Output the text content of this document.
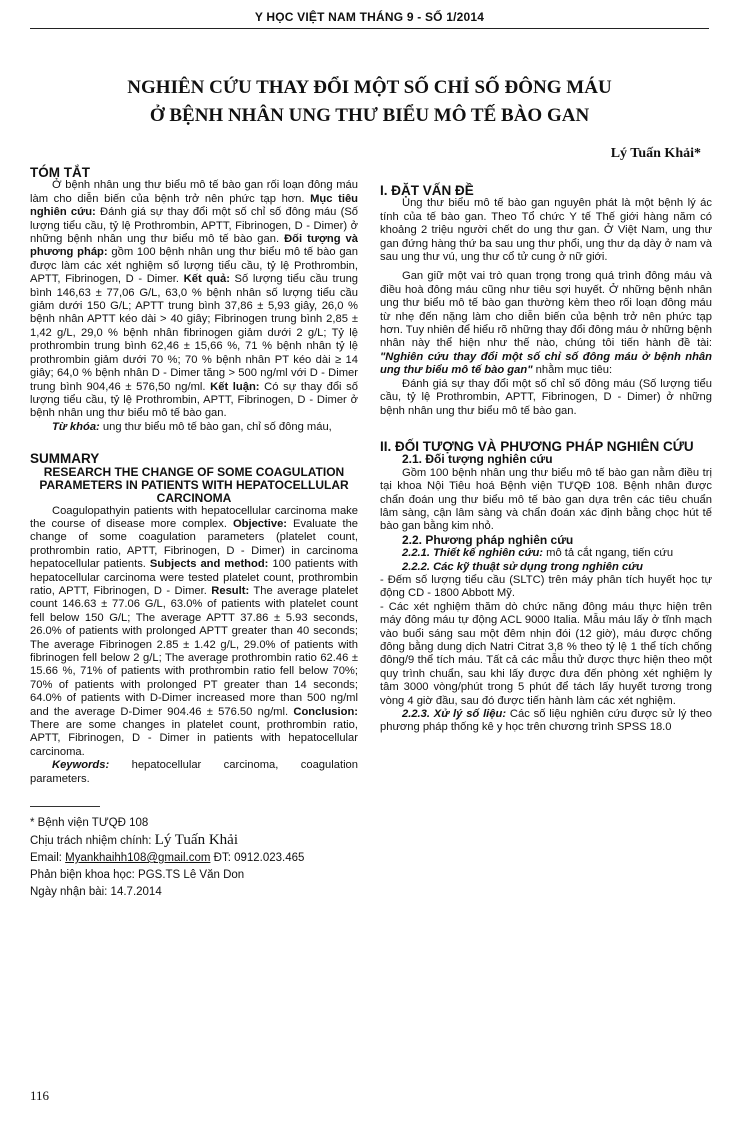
Y HỌC VIỆT NAM THÁNG 9 - SỐ 1/2014
NGHIÊN CỨU THAY ĐỔI MỘT SỐ CHỈ SỐ ĐÔNG MÁU
Ở BỆNH NHÂN UNG THƯ BIỂU MÔ TẾ BÀO GAN
Lý Tuấn Khải*
TÓM TẮT

Ở bệnh nhân ung thư biểu mô tế bào gan rối loạn đông máu làm cho diễn biến của bệnh trở nên phức tạp hơn. Mục tiêu nghiên cứu: Đánh giá sự thay đổi một số chỉ số đông máu (Số lượng tiểu cầu, tỷ lệ Prothrombin, APTT, Fibrinogen, D - Dimer) ở những bệnh nhân ung thư biểu mô tế bào gan. Đối tượng và phương pháp: gồm 100 bệnh nhân ung thư biểu mô tế bào gan được làm các xét nghiệm số lượng tiểu cầu, tỷ lệ Prothrombin, APTT, Fibrinogen, D - Dimer. Kết quả: Số lượng tiểu cầu trung bình 146,63 ± 77,06 G/L, 63,0 % bệnh nhân số lượng tiểu cầu giảm dưới 150 G/L; APTT trung bình 37,86 ± 5,93 giây, 26,0 % bệnh nhân APTT kéo dài > 40 giây; Fibrinogen trung bình 2,85 ± 1,42 g/L, 29,0 % bệnh nhân fibrinogen giảm dưới 2 g/L; Tỷ lệ prothrombin trung bình 62,46 ± 15,66 %, 71 % bệnh nhân tỷ lệ prothrombin giảm dưới 70 %; 70 % bệnh nhân PT kéo dài ≥ 14 giây; 64,0 % bệnh nhân D - Dimer tăng > 500 ng/ml với D - Dimer trung bình 904,46 ± 576,50 ng/ml. Kết luận: Có sự thay đổi số lượng tiểu cầu, tỷ lệ Prothrombin, APTT, Fibrinogen, D - Dimer ở bệnh nhân ung thư biểu mô tế bào gan.

Từ khóa: ung thư biểu mô tế bào gan, chỉ số đông máu,

SUMMARY
RESEARCH THE CHANGE OF SOME COAGULATION PARAMETERS IN PATIENTS WITH HEPATOCELLULAR CARCINOMA

Coagulopathyin patients with hepatocellular carcinoma make the course of disease more complex. Objective: Evaluate the change of some coagulation parameters (platelet count, prothrombin ratio, APTT, Fibrinogen, D - Dimer) in carcinoma hepatocellular patients. Subjects and method: 100 patients with hepatocellular carcinoma were tested platelet count, prothrombin ratio, APTT, Fibrinogen, D - Dimer. Result: The average platelet count 146.63 ± 77.06 G/L, 63.0% of patients with platelet count fell below 150 G/L; The average APTT 37.86 ± 5.93 seconds, 26.0% of patients with prolonged APTT greater than 40 seconds; The average Fibrinogen 2.85 ± 1.42 g/L, 29.0% of patients with fibrinogen fell below 2 g/L; The average prothrombin ratio 62.46 ± 15.66 %, 71% of patients with prothrombin ratio fell below 70%; 70% of patients with prolonged PT greater than 14 seconds; 64.0% of patients with D-Dimer increased more than 500 ng/ml and the average D-Dimer 904.46 ± 576.50 ng/ml. Conclusion: There are some changes in platelet count, prothrombin ratio, APTT, Fibrinogen, D - Dimer in patients with hepatocellular carcinoma.

Keywords: hepatocellular carcinoma, coagulation parameters.

* Bệnh viện TƯQĐ 108
Chịu trách nhiệm chính: Lý Tuấn Khải
Email: Myankhaihh108@gmail.com ĐT: 0912.023.465
Phản biện khoa học: PGS.TS Lê Văn Don
Ngày nhận bài: 14.7.2014
I. ĐẶT VẤN ĐỀ

Ung thư biểu mô tế bào gan nguyên phát là một bệnh lý ác tính của tế bào gan. Theo Tổ chức Y tế Thế giới hàng năm có khoảng 2 triệu người chết do ung thư gan. Ở Việt Nam, ung thư gan đứng hàng thứ ba sau ung thư phổi, ung thư dạ dày ở nam và sau ung thư vú, ung thư cổ tử cung ở nữ giới.

Gan giữ một vai trò quan trọng trong quá trình đông máu và điều hoà đông máu cũng như tiêu sợi huyết. Ở những bệnh nhân ung thư biểu mô tế bào gan thường kèm theo rối loạn đông máu từ nhẹ đến nặng làm cho diễn biến của bệnh trở nên phức tạp hơn. Tuy nhiên để hiểu rõ những thay đổi đông máu ở những bệnh nhân này thể hiện như thế nào, chúng tôi tiến hành đề tài: "Nghiên cứu thay đổi một số chỉ số đông máu ở bệnh nhân ung thư biểu mô tế bào gan" nhằm mục tiêu:

Đánh giá sự thay đổi một số chỉ số đông máu (Số lượng tiểu cầu, tỷ lệ Prothrombin, APTT, Fibrinogen, D - Dimer) ở những bệnh nhân ung thư biểu mô tế bào gan.

II. ĐỐI TƯỢNG VÀ PHƯƠNG PHÁP NGHIÊN CỨU
2.1. Đối tượng nghiên cứu

Gồm 100 bệnh nhân ung thư biểu mô tế bào gan nằm điều trị tại khoa Nội Tiêu hoá Bệnh viện TƯQĐ 108. Bệnh nhân được chẩn đoán ung thư biểu mô tế bào gan dựa trên các tiêu chuẩn lâm sàng, cận lâm sàng và chẩn đoán xác định bằng chọc hút tế bào gan bằng kim nhỏ.

2.2. Phương pháp nghiên cứu

2.2.1. Thiết kế nghiên cứu: mô tả cắt ngang, tiến cứu

2.2.2. Các kỹ thuật sử dụng trong nghiên cứu

- Đếm số lượng tiểu cầu (SLTC) trên máy phân tích huyết học tự động CD - 1800 Abbott Mỹ.

- Các xét nghiệm thăm dò chức năng đông máu thực hiện trên máy đông máu tự động ACL 9000 Italia. Mẫu máu lấy ở tĩnh mạch vào buổi sáng sau một đêm nhịn đói (12 giờ), máu được chống đông bằng dung dịch Natri Citrat 3,8 % theo tỷ lệ 1 thể tích chống đông/9 thể tích máu. Tất cả các mẫu thử được thực hiện theo một quy trình chuẩn, sau khi lấy được đưa đến phòng xét nghiệm ly tâm 3000 vòng/phút trong 5 phút để tách lấy huyết tương trong vòng 4 giờ đầu, sau đó được tiến hành làm các xét nghiệm.

2.2.3. Xử lý số liệu: Các số liệu nghiên cứu được sử lý theo phương pháp thống kê y học trên chương trình SPSS 18.0

116
